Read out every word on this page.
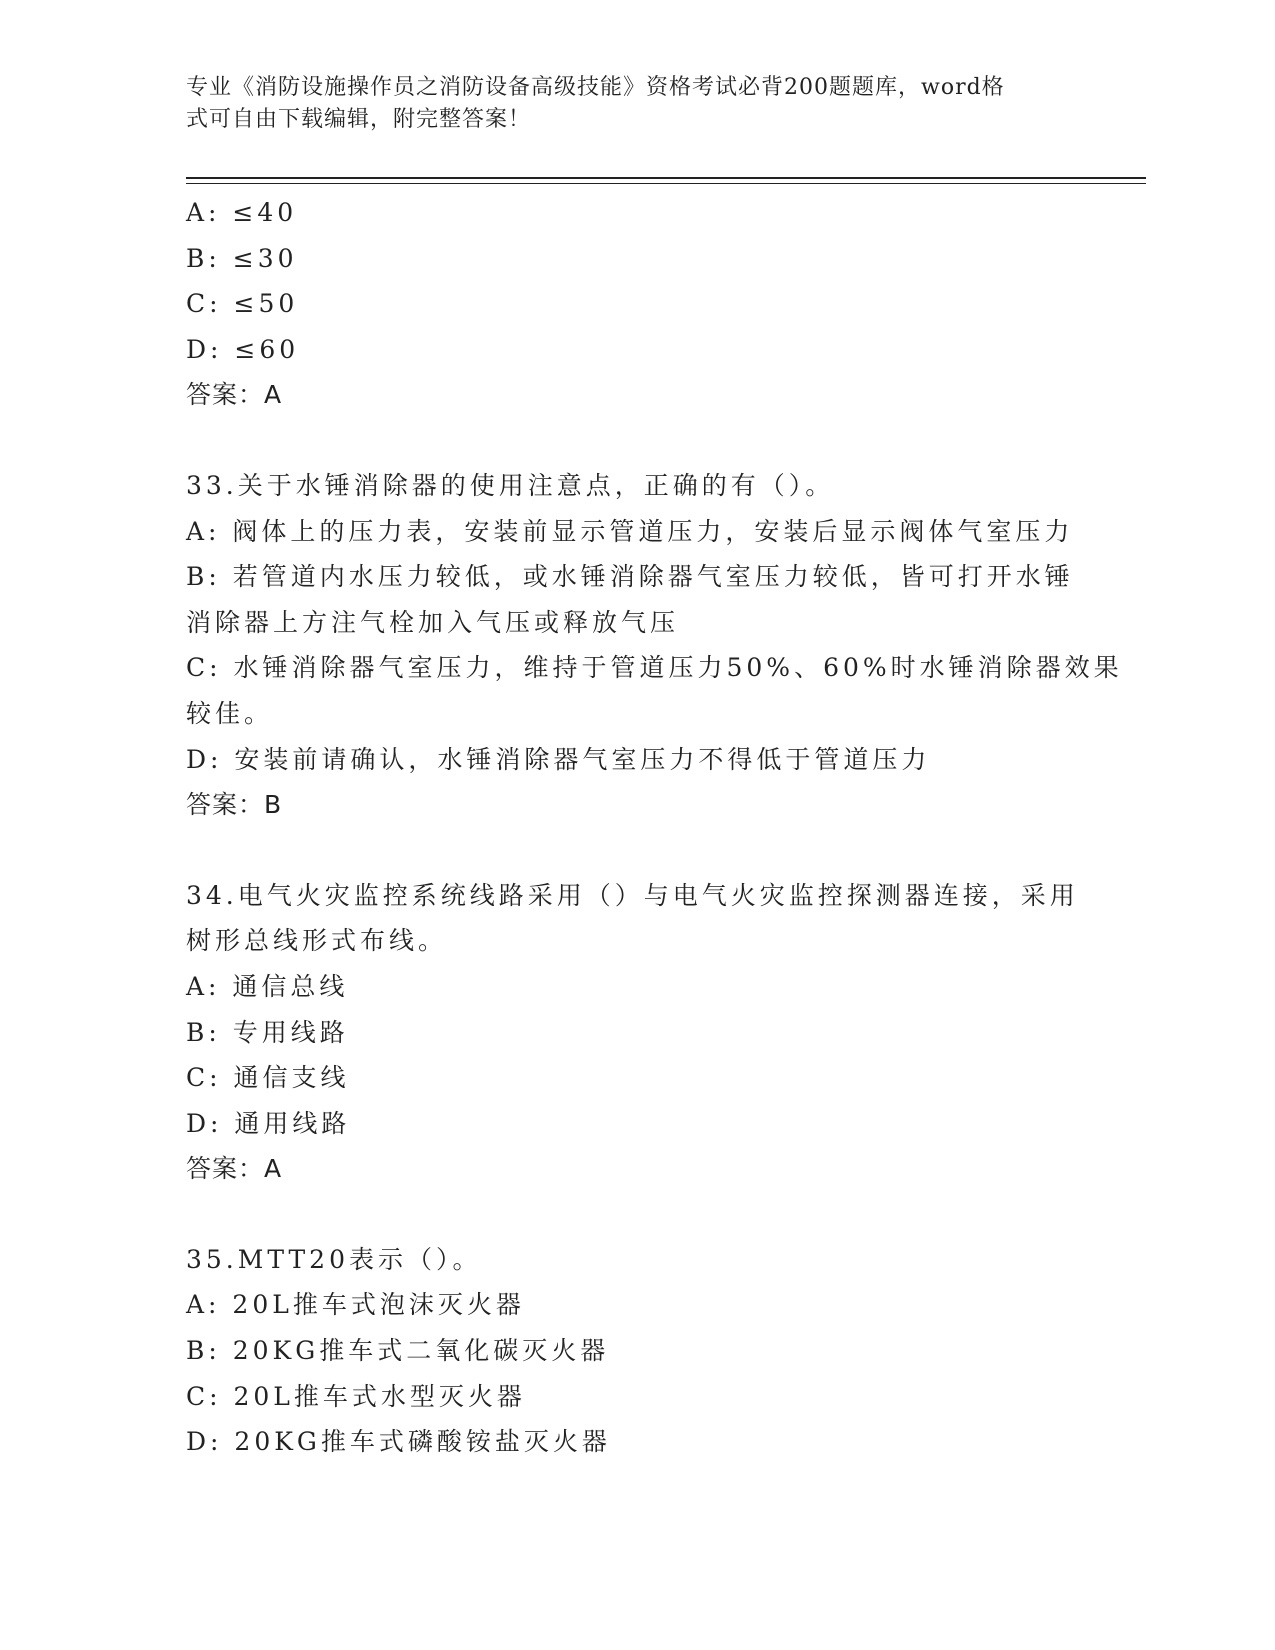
专业《消防设施操作员之消防设备高级技能》资格考试必背200题题库，word格
式可自由下载编辑，附完整答案！
A: ≤40
B: ≤30
C: ≤50
D: ≤60
答案：A
33.关于水锤消除器的使用注意点，正确的有（）。
A: 阀体上的压力表，安装前显示管道压力，安装后显示阀体气室压力
B: 若管道内水压力较低，或水锤消除器气室压力较低，皆可打开水锤
消除器上方注气栓加入气压或释放气压
C: 水锤消除器气室压力，维持于管道压力50%、60%时水锤消除器效果
较佳。
D: 安装前请确认，水锤消除器气室压力不得低于管道压力
答案：B
34.电气火灾监控系统线路采用（）与电气火灾监控探测器连接，采用
树形总线形式布线。
A: 通信总线
B: 专用线路
C: 通信支线
D: 通用线路
答案：A
35.MTT20表示（）。
A: 20L推车式泡沫灭火器
B: 20KG推车式二氧化碳灭火器
C: 20L推车式水型灭火器
D: 20KG推车式磷酸铵盐灭火器
